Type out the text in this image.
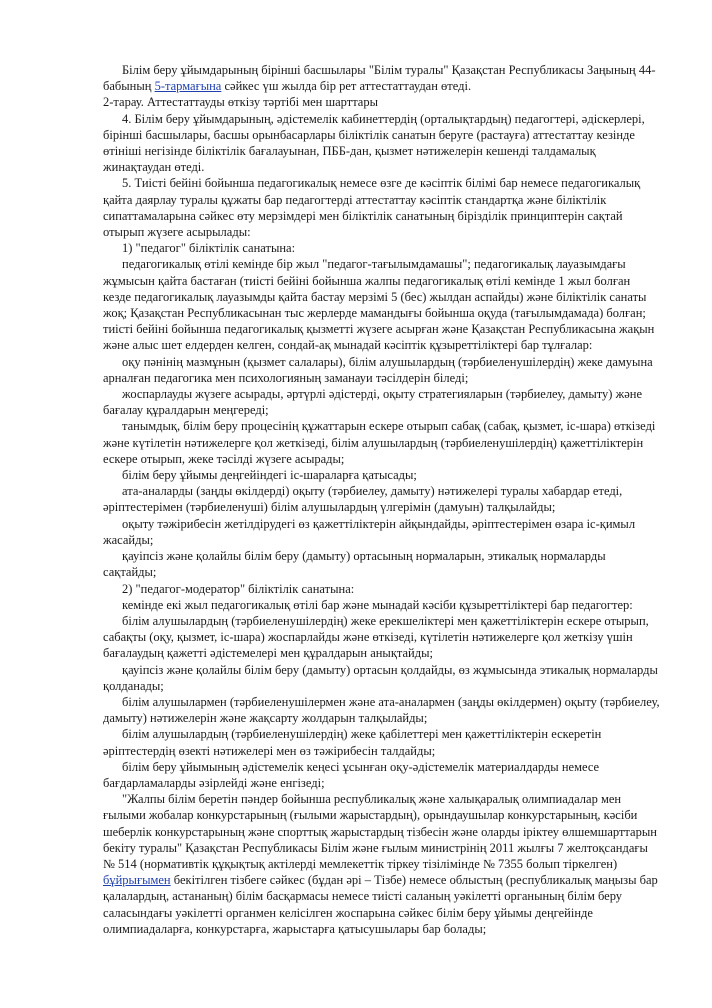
Білім беру ұйымдарының бірінші басшылары "Білім туралы" Қазақстан Республикасы Заңының 44-бабының 5-тармағына сәйкес үш жылда бір рет аттестаттаудан өтеді.

2-тарау. Аттестаттауды өткізу тәртібі мен шарттары

4. Білім беру ұйымдарының, әдістемелік кабинеттердің (орталықтардың) педагогтері, әдіскерлері, бірінші басшылары, басшы орынбасарлары біліктілік санатын беруге (растауға) аттестаттау кезінде өтініші негізінде біліктілік бағалауынан, ПББ-дан, қызмет нәтижелерін кешенді талдамалық жинақтаудан өтеді.

5. Тиісті бейіні бойынша педагогикалық немесе өзге де кәсіптік білімі бар немесе педагогикалық қайта даярлау туралы құжаты бар педагогтерді аттестаттау кәсіптік стандартқа және біліктілік сипаттамаларына сәйкес өту мерзімдері мен біліктілік санатының бірізділік принциптерін сақтай отырып жүзеге асырылады:

1) "педагог" біліктілік санатына:

педагогикалық өтілі кемінде бір жыл "педагог-тағылымдамашы"; педагогикалық лауазымдағы жұмысын қайта бастаған (тиісті бейіні бойынша жалпы педагогикалық өтілі кемінде 1 жыл болған кезде педагогикалық лауазымды қайта бастау мерзімі 5 (бес) жылдан аспайды) және біліктілік санаты жоқ; Қазақстан Республикасынан тыс жерлерде мамандығы бойынша оқуда (тағылымдамада) болған; тиісті бейіні бойынша педагогикалық қызметті жүзеге асырған және Қазақстан Республикасына жақын және алыс шет елдерден келген, сондай-ақ мынадай кәсіптік құзыреттіліктері бар тұлғалар:

оқу пәнінің мазмұнын (қызмет салалары), білім алушылардың (тәрбиеленушілердің) жеке дамуына арналған педагогика мен психологияның заманауи тәсілдерін біледі;

жоспарлауды жүзеге асырады, әртүрлі әдістерді, оқыту стратегияларын (тәрбиелеу, дамыту) және бағалау құралдарын меңгереді;

танымдық, білім беру процесінің құжаттарын ескере отырып сабақ (сабақ, қызмет, іс-шара) өткізеді және күтілетін нәтижелерге қол жеткізеді, білім алушылардың (тәрбиеленушілердің) қажеттіліктерін ескере отырып, жеке тәсілді жүзеге асырады;

білім беру ұйымы деңгейіндегі іс-шараларға қатысады;

ата-аналарды (заңды өкілдерді) оқыту (тәрбиелеу, дамыту) нәтижелері туралы хабардар етеді, әріптестерімен (тәрбиеленуші) білім алушылардың үлгерімін (дамуын) талқылайды;

оқыту тәжірибесін жетілдірудегі өз қажеттіліктерін айқындайды, әріптестерімен өзара іс-қимыл жасайды;

қауіпсіз және қолайлы білім беру (дамыту) ортасының нормаларын, этикалық нормаларды сақтайды;

2) "педагог-модератор" біліктілік санатына:

кемінде екі жыл педагогикалық өтілі бар және мынадай кәсіби құзыреттіліктері бар педагогтер:

білім алушылардың (тәрбиеленушілердің) жеке ерекшеліктері мен қажеттіліктерін ескере отырып, сабақты (оқу, қызмет, іс-шара) жоспарлайды және өткізеді, күтілетін нәтижелерге қол жеткізу үшін бағалаудың қажетті әдістемелері мен құралдарын анықтайды;

қауіпсіз және қолайлы білім беру (дамыту) ортасын қолдайды, өз жұмысында этикалық нормаларды қолданады;

білім алушылармен (тәрбиеленушілермен және ата-аналармен (заңды өкілдермен) оқыту (тәрбиелеу, дамыту) нәтижелерін және жақсарту жолдарын талқылайды;

білім алушылардың (тәрбиеленушілердің) жеке қабілеттері мен қажеттіліктерін ескеретін әріптестердің өзекті нәтижелері мен өз тәжірибесін талдайды;

білім беру ұйымының әдістемелік кеңесі ұсынған оқу-әдістемелік материалдарды немесе бағдарламаларды әзірлейді және енгізеді;

"Жалпы білім беретін пәндер бойынша республикалық және халықаралық олимпиадалар мен ғылыми жобалар конкурстарының (ғылыми жарыстардың), орындаушылар конкурстарының, кәсіби шеберлік конкурстарының және спорттық жарыстардың тізбесін және оларды іріктеу өлшемшарттарын бекіту туралы" Қазақстан Республикасы Білім және ғылым министрінің 2011 жылғы 7 желтоқсандағы № 514 (нормативтік құқықтық актілерді мемлекеттік тіркеу тізілімінде № 7355 болып тіркелген) бұйрығымен бекітілген тізбеге сәйкес (бұдан әрі – Тізбе) немесе облыстың (республикалық маңызы бар қалалардың, астананың) білім басқармасы немесе тиісті саланың уәкілетті органының білім беру саласындағы уәкілетті органмен келісілген жоспарына сәйкес білім беру ұйымы деңгейінде олимпиадаларға, конкурстарға, жарыстарға қатысушылары бар болады;
